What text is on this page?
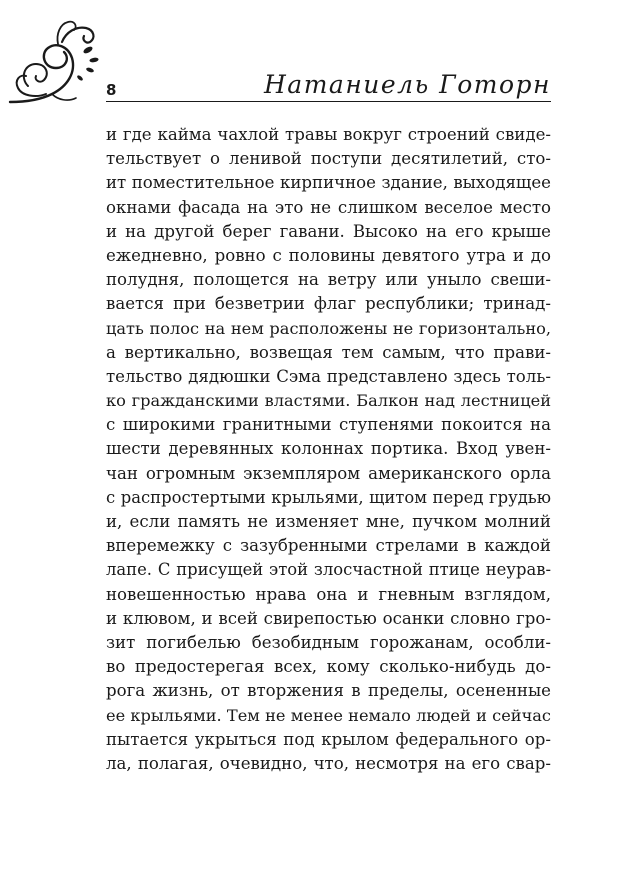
8	Натаниель Готорн
и где кайма чахлой травы вокруг строений свиде-
тельствует о ленивой поступи десятилетий, сто-
ит поместительное кирпичное здание, выходящее
окнами фасада на это не слишком веселое место
и на другой берег гавани. Высоко на его крыше
ежедневно, ровно с половины девятого утра и до
полудня, полощется на ветру или уныло свеши-
вается при безветрии флаг республики; тринад-
цать полос на нем расположены не горизонтально,
а вертикально, возвещая тем самым, что прави-
тельство дядюшки Сэма представлено здесь толь-
ко гражданскими властями. Балкон над лестницей
с широкими гранитными ступенями покоится на
шести деревянных колоннах портика. Вход увен-
чан огромным экземпляром американского орла
с распростертыми крыльями, щитом перед грудью
и, если память не изменяет мне, пучком молний
вперемежку с зазубренными стрелами в каждой
лапе. С присущей этой злосчастной птице неурав-
новешенностью нрава она и гневным взглядом,
и клювом, и всей свирепостью осанки словно гро-
зит погибелью безобидным горожанам, особли-
во предостерегая всех, кому сколько-нибудь до-
рога жизнь, от вторжения в пределы, осененные
ее крыльями. Тем не менее немало людей и сейчас
пытается укрыться под крылом федерального ор-
ла, полагая, очевидно, что, несмотря на его свар-
